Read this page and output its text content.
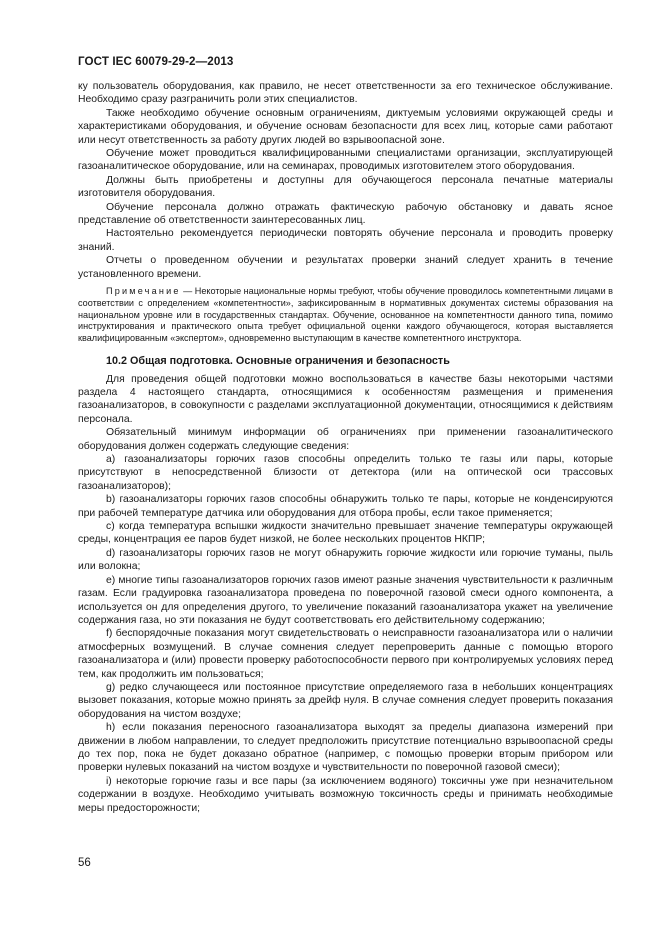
ГОСТ IEC 60079-29-2—2013

ку пользователь оборудования, как правило, не несет ответственности за его техническое обслуживание. Необходимо сразу разграничить роли этих специалистов.

Также необходимо обучение основным ограничениям, диктуемым условиями окружающей среды и характеристиками оборудования, и обучение основам безопасности для всех лиц, которые сами работают или несут ответственность за работу других людей во взрывоопасной зоне.

Обучение может проводиться квалифицированными специалистами организации, эксплуатирующей газоаналитическое оборудование, или на семинарах, проводимых изготовителем этого оборудования.

Должны быть приобретены и доступны для обучающегося персонала печатные материалы изготовителя оборудования.

Обучение персонала должно отражать фактическую рабочую обстановку и давать ясное представление об ответственности заинтересованных лиц.

Настоятельно рекомендуется периодически повторять обучение персонала и проводить проверку знаний.

Отчеты о проведенном обучении и результатах проверки знаний следует хранить в течение установленного времени.

Примечание — Некоторые национальные нормы требуют, чтобы обучение проводилось компетентными лицами в соответствии с определением «компетентности», зафиксированным в нормативных документах системы образования на национальном уровне или в государственных стандартах. Обучение, основанное на компетентности данного типа, помимо инструктирования и практического опыта требует официальной оценки каждого обучающегося, которая выставляется квалифицированным «экспертом», одновременно выступающим в качестве компетентного инструктора.

10.2 Общая подготовка. Основные ограничения и безопасность

Для проведения общей подготовки можно воспользоваться в качестве базы некоторыми частями раздела 4 настоящего стандарта, относящимися к особенностям размещения и применения газоанализаторов, в совокупности с разделами эксплуатационной документации, относящимися к действиям персонала.

Обязательный минимум информации об ограничениях при применении газоаналитического оборудования должен содержать следующие сведения:

а) газоанализаторы горючих газов способны определить только те газы или пары, которые присутствуют в непосредственной близости от детектора (или на оптической оси трассовых газоанализаторов);

b) газоанализаторы горючих газов способны обнаружить только те пары, которые не конденсируются при рабочей температуре датчика или оборудования для отбора пробы, если такое применяется;

c) когда температура вспышки жидкости значительно превышает значение температуры окружающей среды, концентрация ее паров будет низкой, не более нескольких процентов НКПР;

d) газоанализаторы горючих газов не могут обнаружить горючие жидкости или горючие туманы, пыль или волокна;

e) многие типы газоанализаторов горючих газов имеют разные значения чувствительности к различным газам. Если градуировка газоанализатора проведена по поверочной газовой смеси одного компонента, а используется он для определения другого, то увеличение показаний газоанализатора укажет на увеличение содержания газа, но эти показания не будут соответствовать его действительному содержанию;

f) беспорядочные показания могут свидетельствовать о неисправности газоанализатора или о наличии атмосферных возмущений. В случае сомнения следует перепроверить данные с помощью второго газоанализатора и (или) провести проверку работоспособности первого при контролируемых условиях перед тем, как продолжить им пользоваться;

g) редко случающееся или постоянное присутствие определяемого газа в небольших концентрациях вызовет показания, которые можно принять за дрейф нуля. В случае сомнения следует проверить показания оборудования на чистом воздухе;

h) если показания переносного газоанализатора выходят за пределы диапазона измерений при движении в любом направлении, то следует предположить присутствие потенциально взрывоопасной среды до тех пор, пока не будет доказано обратное (например, с помощью проверки вторым прибором или проверки нулевых показаний на чистом воздухе и чувствительности по поверочной газовой смеси);

i) некоторые горючие газы и все пары (за исключением водяного) токсичны уже при незначительном содержании в воздухе. Необходимо учитывать возможную токсичность среды и принимать необходимые меры предосторожности;

56
